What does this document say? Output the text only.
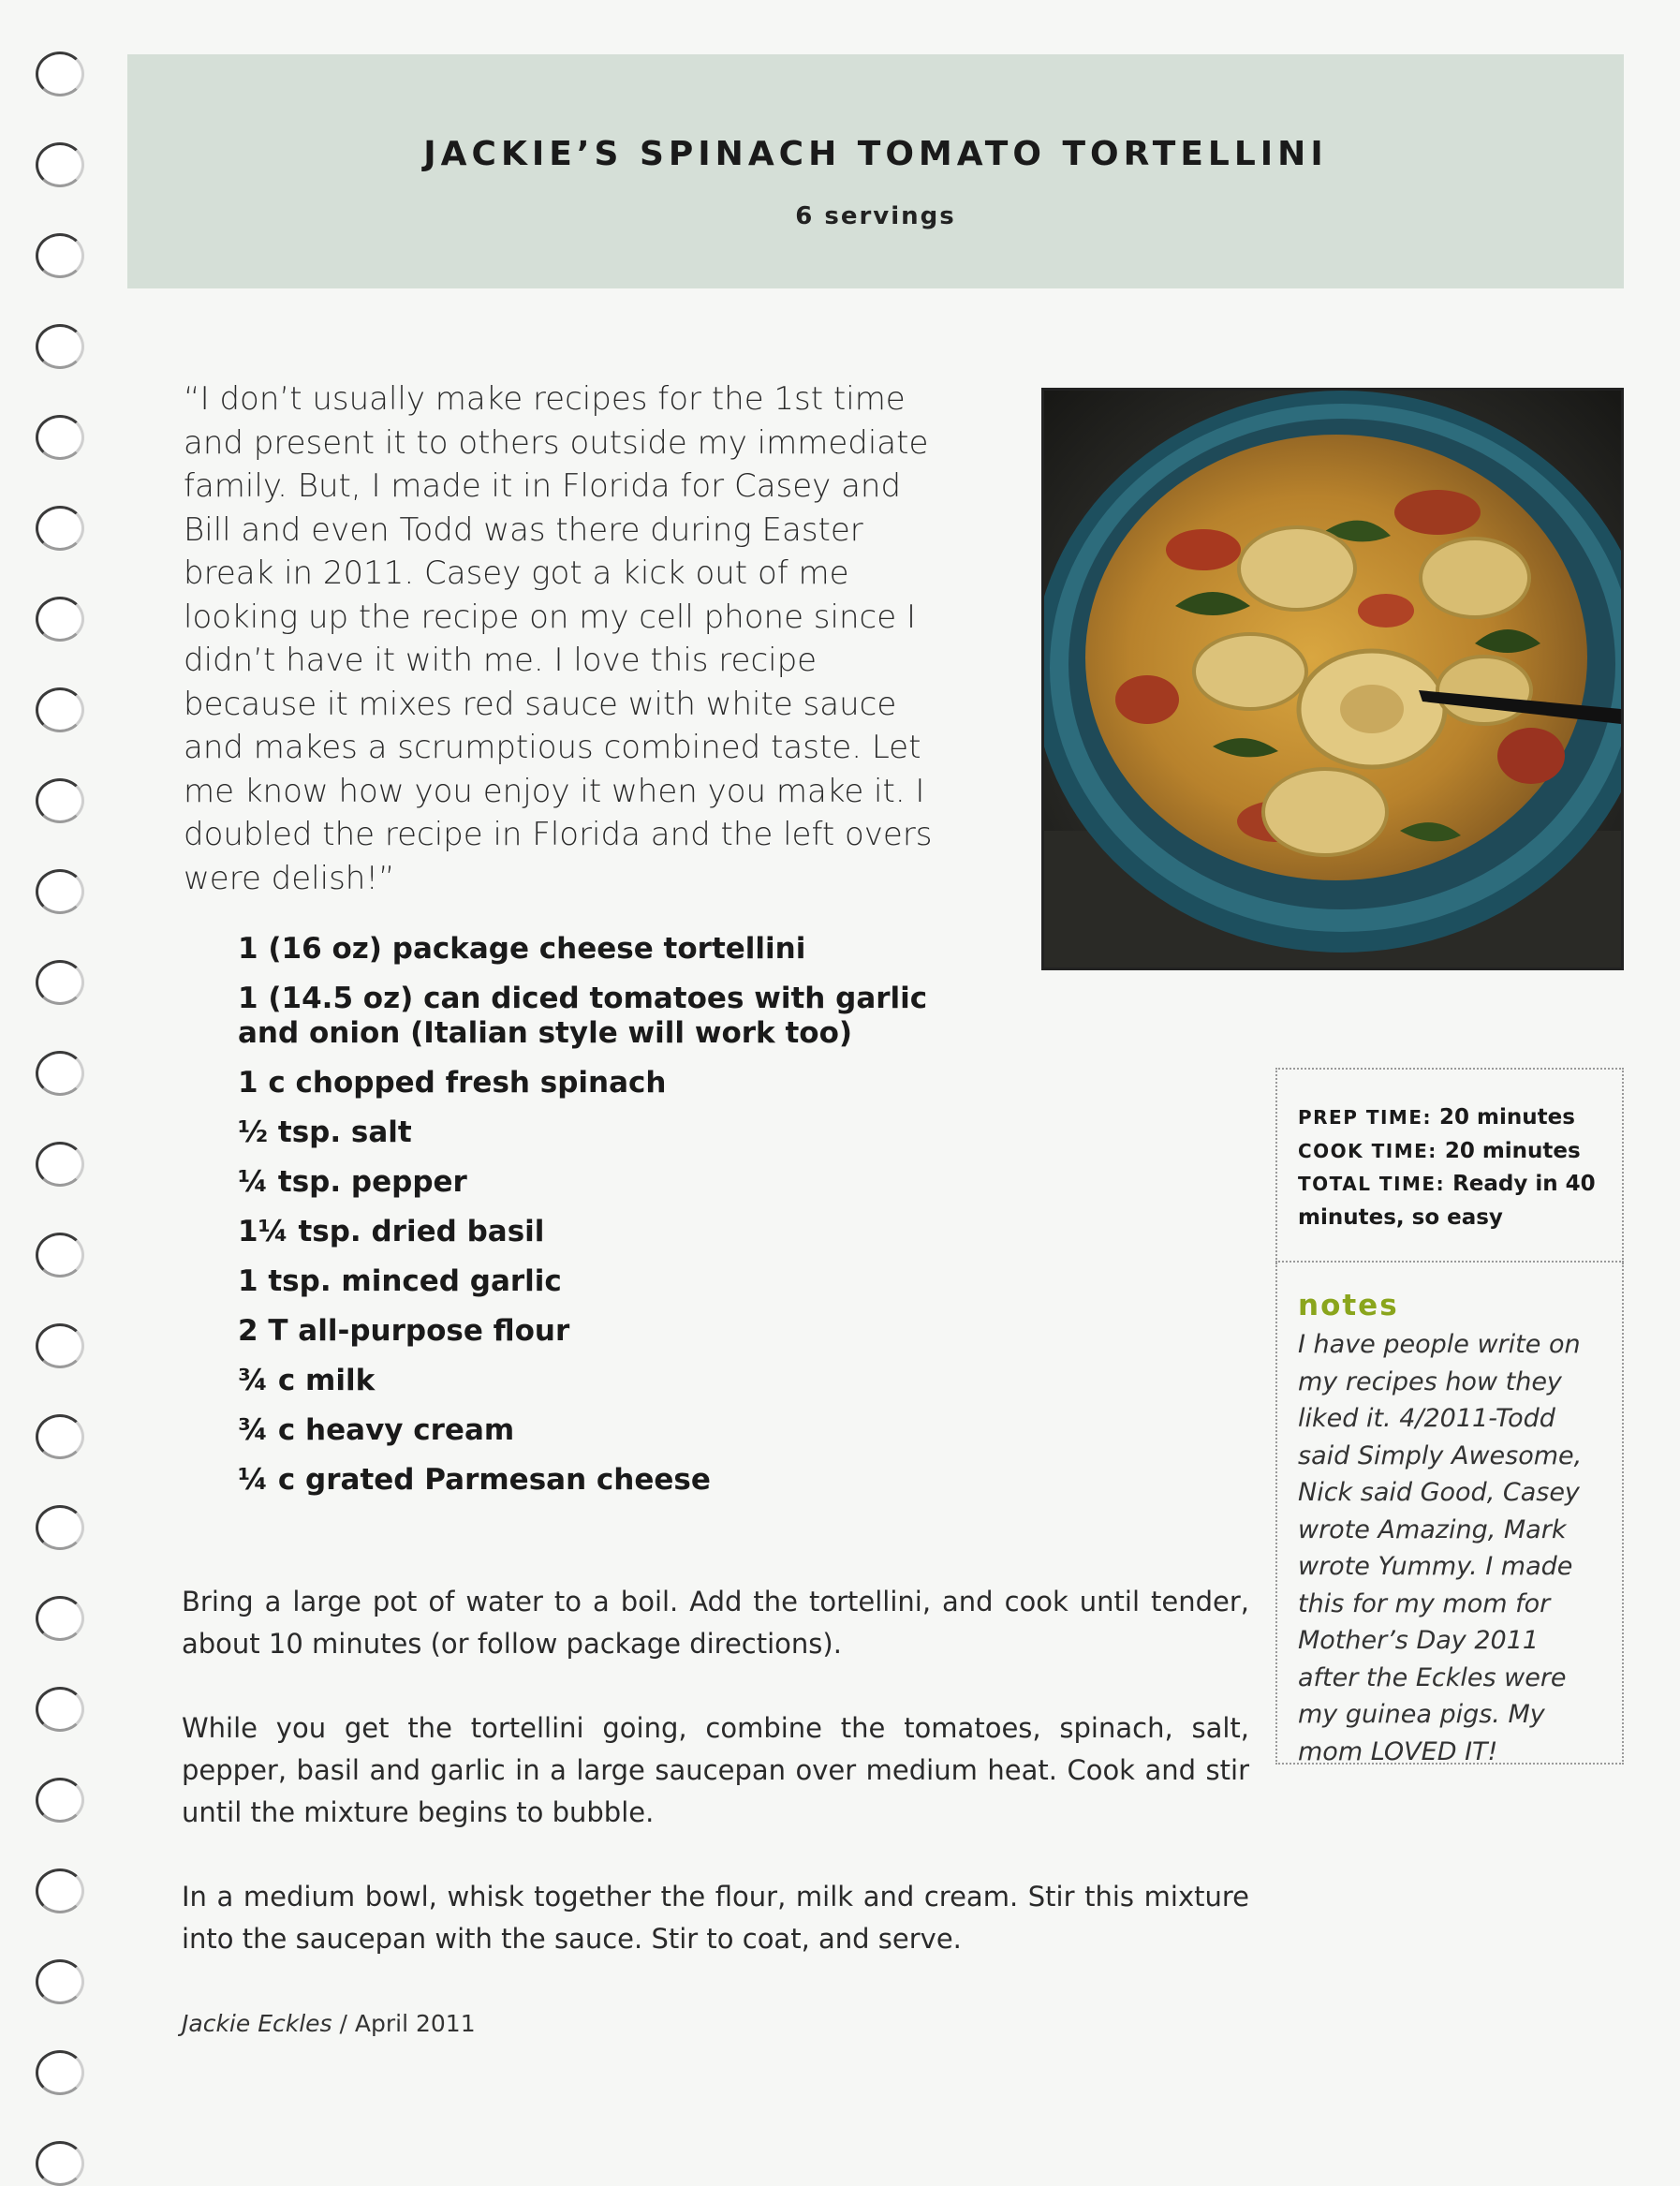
JACKIE’S SPINACH TOMATO TORTELLINI
6 servings
“I don’t usually make recipes for the 1st time and present it to others outside my immediate family. But, I made it in Florida for Casey and Bill and even Todd was there during Easter break in 2011. Casey got a kick out of me looking up the recipe on my cell phone since I didn’t have it with me. I love this recipe because it mixes red sauce with white sauce and makes a scrumptious combined taste. Let me know how you enjoy it when you make it. I doubled the recipe in Florida and the left overs were delish!”
1 (16 oz) package cheese tortellini
1 (14.5 oz) can diced tomatoes with garlic and onion (Italian style will work too)
1 c chopped fresh spinach
½ tsp. salt
¼ tsp. pepper
1¼ tsp. dried basil
1 tsp. minced garlic
2 T all-purpose flour
¾ c milk
¾ c heavy cream
¼ c grated Parmesan cheese

Bring a large pot of water to a boil. Add the tortellini, and cook until tender, about 10 minutes (or follow package directions).

While you get the tortellini going, combine the tomatoes, spinach, salt, pepper, basil and garlic in a large saucepan over medium heat. Cook and stir until the mixture begins to bubble.

In a medium bowl, whisk together the flour, milk and cream. Stir this mixture into the saucepan with the sauce. Stir to coat, and serve.

Jackie Eckles / April 2011
PREP TIME: 20 minutes
COOK TIME: 20 minutes
TOTAL TIME: Ready in 40 minutes, so easy
notes
I have people write on my recipes how they liked it. 4/2011-Todd said Simply Awesome, Nick said Good, Casey wrote Amazing, Mark wrote Yummy. I made this for my mom for Mother’s Day 2011 after the Eckles were my guinea pigs. My mom LOVED IT!
